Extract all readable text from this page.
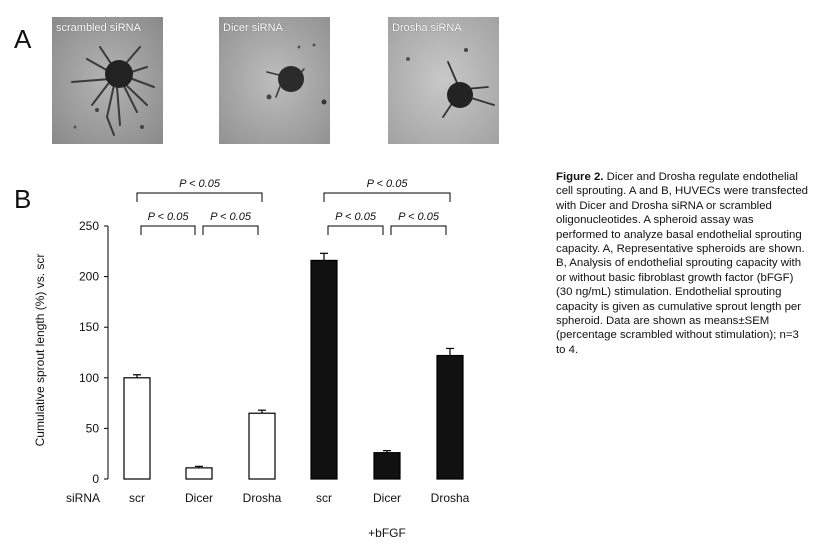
A scrambled siRNA	Dicer siRNA	Drosha siRNA
B
0
50
100
150
200
250
Cumulative sprout length (%) vs. scr
scr	Dicer Drosha	scr	Dicer Drosha
siRNA
+bFGF
P < 0.05
P < 0.05 P < 0.05
P < 0.05
P < 0.05 P < 0.05
Figure 2. Dicer and Drosha regulate endothelial cell sprouting. A and B, HUVECs were transfected with Dicer and Drosha siRNA or scrambled oligonucleotides. A spheroid assay was performed to analyze basal endothelial sprouting capacity. A, Representative spheroids are shown. B, Analysis of endothelial sprouting capacity with or without basic fibroblast growth factor (bFGF) (30 ng/mL) stimulation. Endothelial sprouting capacity is given as cumulative sprout length per spheroid. Data are shown as means±SEM (percentage scrambled without stimulation); n=3 to 4.
